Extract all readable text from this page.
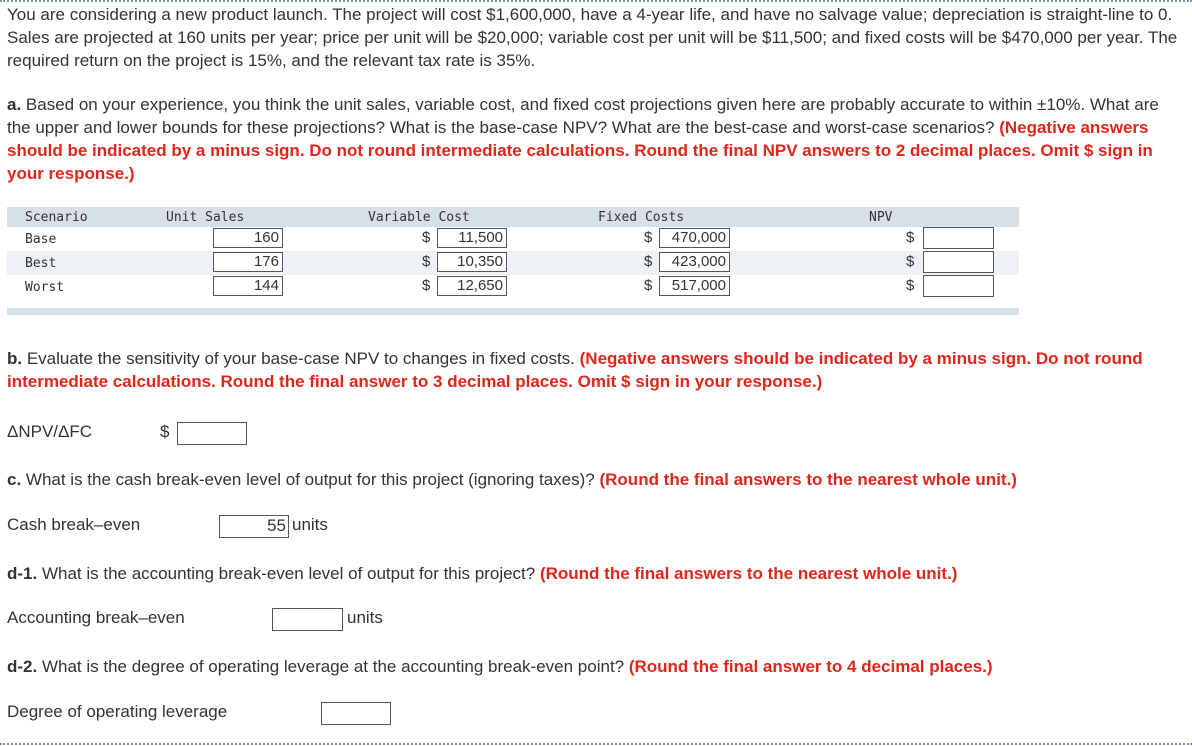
You are considering a new product launch. The project will cost $1,600,000, have a 4-year life, and have no salvage value; depreciation is straight-line to 0. Sales are projected at 160 units per year; price per unit will be $20,000; variable cost per unit will be $11,500; and fixed costs will be $470,000 per year. The required return on the project is 15%, and the relevant tax rate is 35%.

a. Based on your experience, you think the unit sales, variable cost, and fixed cost projections given here are probably accurate to within ±10%. What are the upper and lower bounds for these projections? What is the base-case NPV? What are the best-case and worst-case scenarios? (Negative answers should be indicated by a minus sign. Do not round intermediate calculations. Round the final NPV answers to 2 decimal places. Omit $ sign in your response.)

Scenario	Unit Sales	Variable Cost	Fixed Costs	NPV
Base	160	$	11,500	$	470,000	$
Best	176	$	10,350	$	423,000	$
Worst	144	$	12,650	$	517,000	$

b. Evaluate the sensitivity of your base-case NPV to changes in fixed costs. (Negative answers should be indicated by a minus sign. Do not round intermediate calculations. Round the final answer to 3 decimal places. Omit $ sign in your response.)

ΔNPV/ΔFC	$

c. What is the cash break-even level of output for this project (ignoring taxes)? (Round the final answers to the nearest whole unit.)

Cash break–even	55 units

d-1. What is the accounting break-even level of output for this project? (Round the final answers to the nearest whole unit.)

Accounting break–even	units

d-2. What is the degree of operating leverage at the accounting break-even point? (Round the final answer to 4 decimal places.)

Degree of operating leverage
